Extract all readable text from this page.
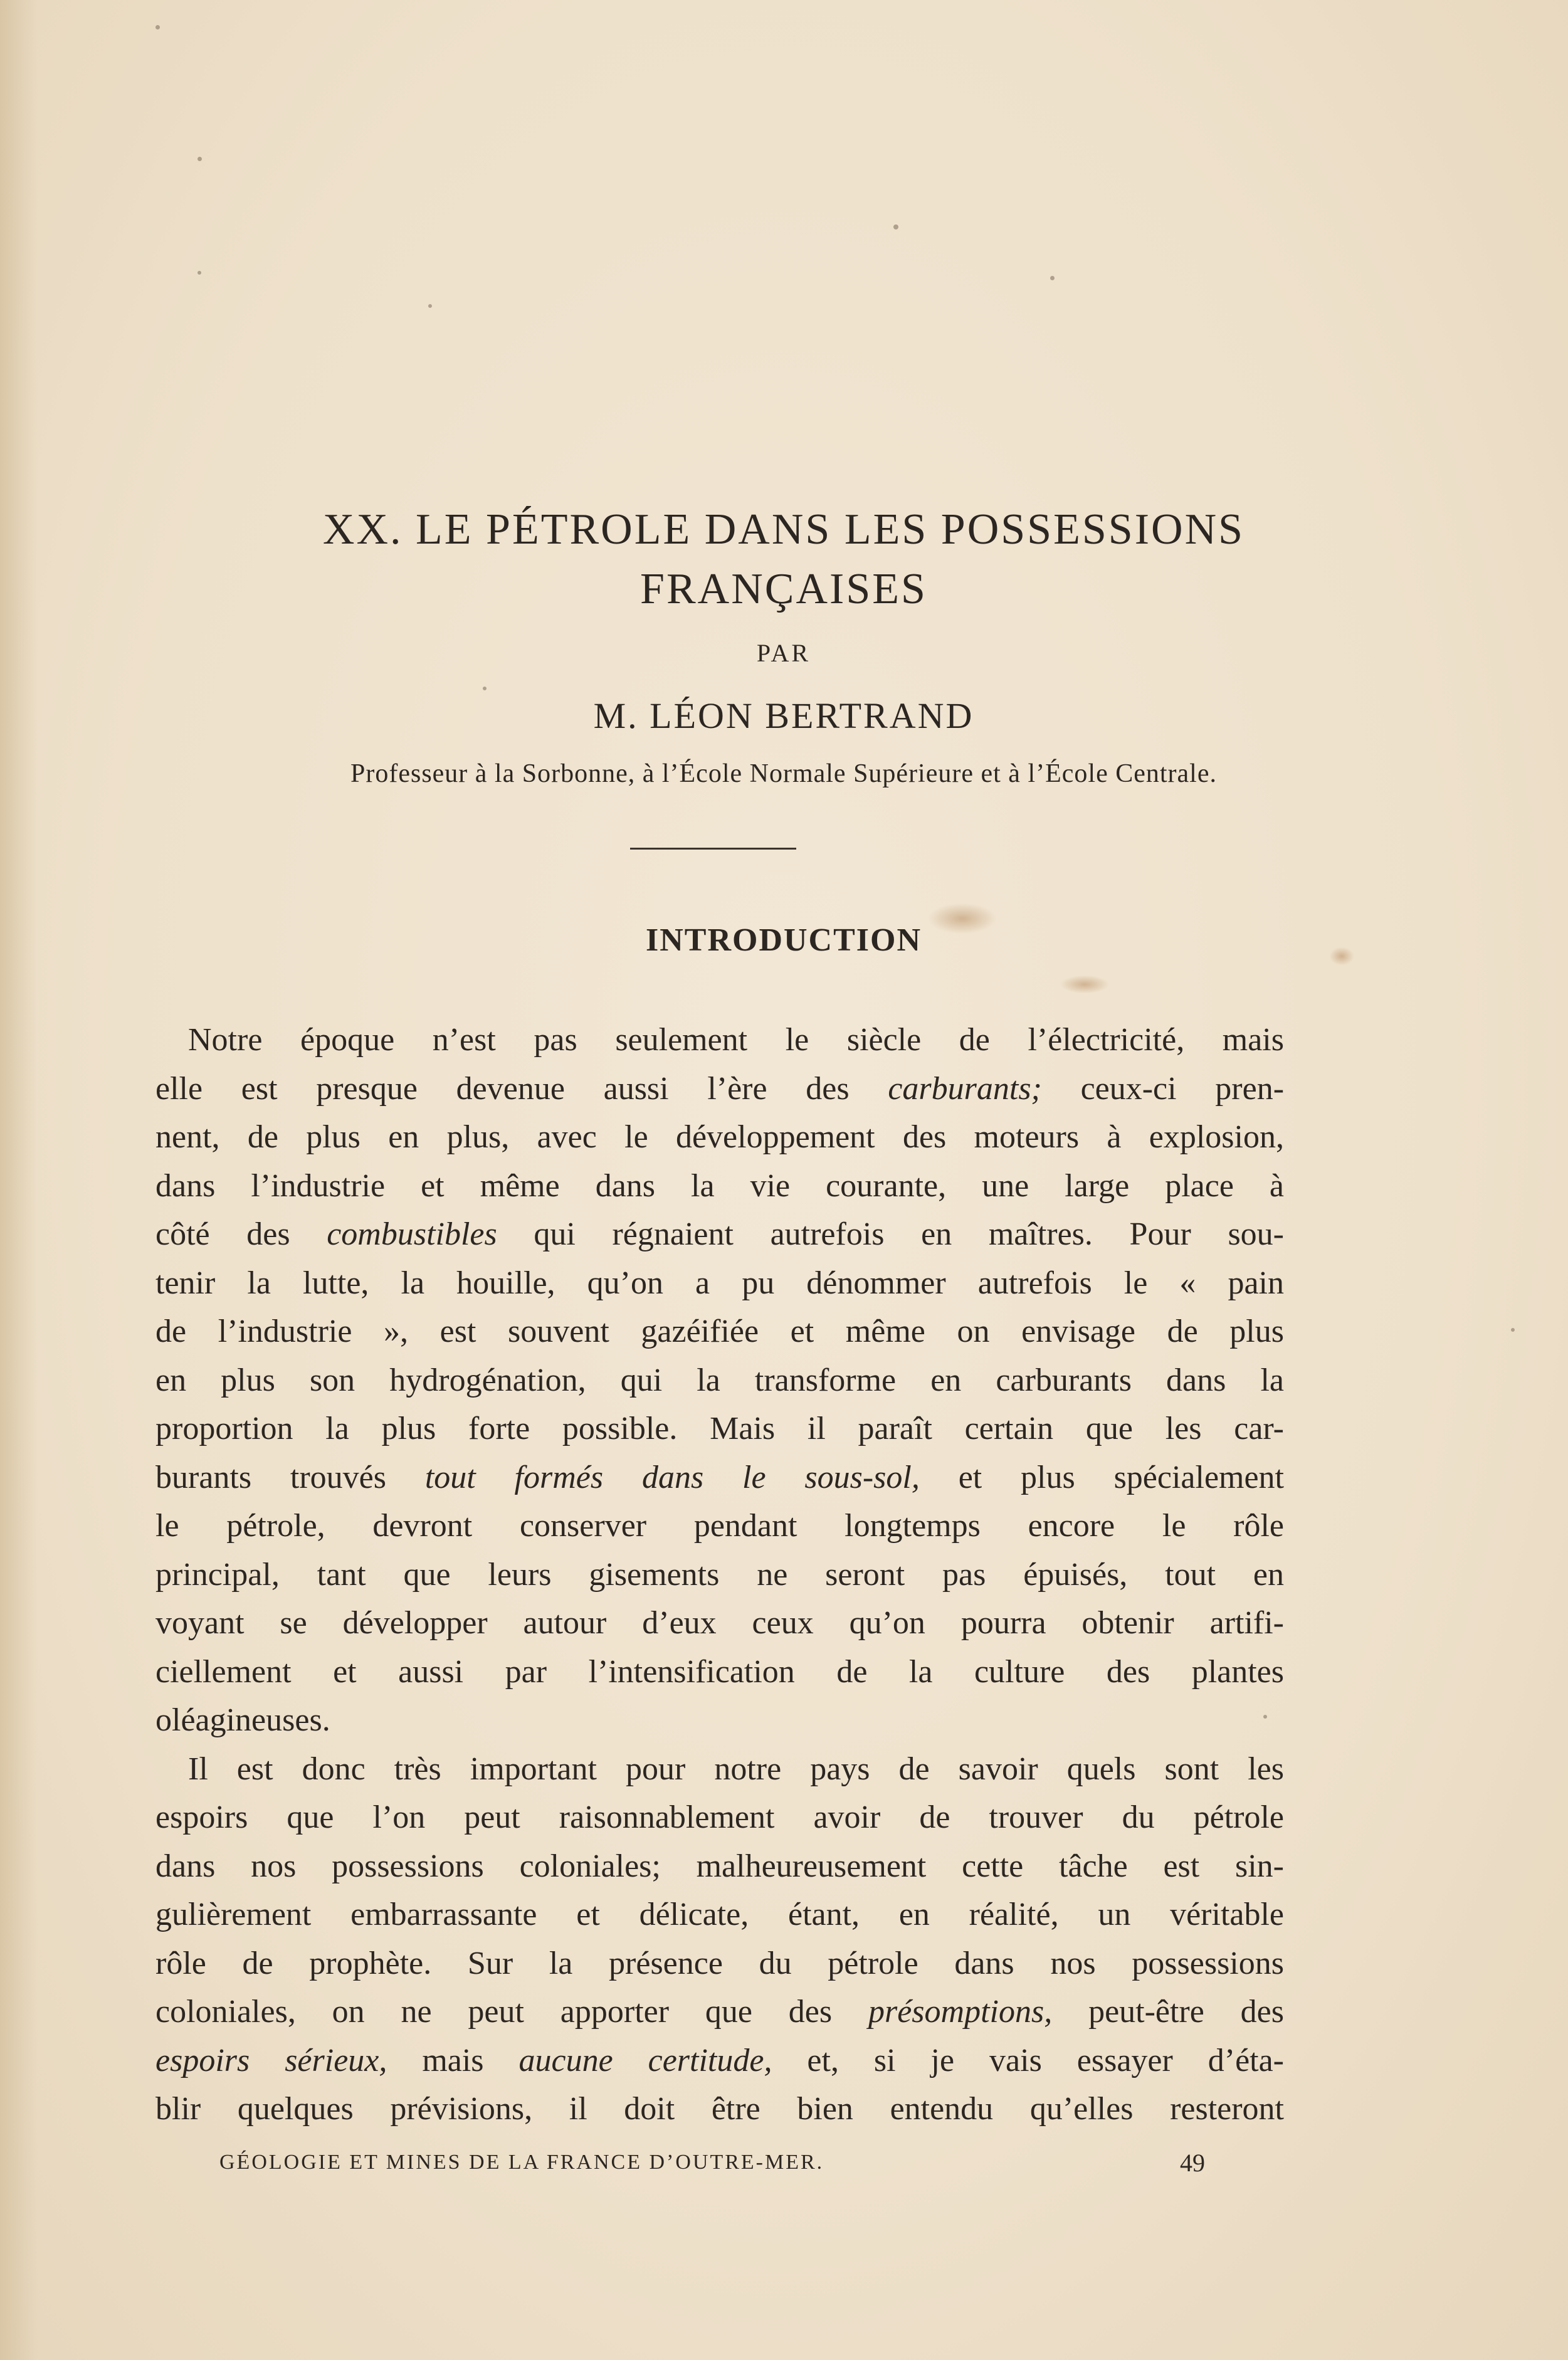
XX. LE PÉTROLE DANS LES POSSESSIONS
FRANÇAISES
PAR
M. LÉON BERTRAND
Professeur à la Sorbonne, à l’École Normale Supérieure et à l’École Centrale.
INTRODUCTION
Notre époque n’est pas seulement le siècle de l’électricité, mais
elle est presque devenue aussi l’ère des carburants; ceux-ci pren-
nent, de plus en plus, avec le développement des moteurs à explosion,
dans l’industrie et même dans la vie courante, une large place à
côté des combustibles qui régnaient autrefois en maîtres. Pour sou-
tenir la lutte, la houille, qu’on a pu dénommer autrefois le « pain
de l’industrie », est souvent gazéifiée et même on envisage de plus
en plus son hydrogénation, qui la transforme en carburants dans la
proportion la plus forte possible. Mais il paraît certain que les car-
burants trouvés tout formés dans le sous-sol, et plus spécialement
le pétrole, devront conserver pendant longtemps encore le rôle
principal, tant que leurs gisements ne seront pas épuisés, tout en
voyant se développer autour d’eux ceux qu’on pourra obtenir artifi-
ciellement et aussi par l’intensification de la culture des plantes
oléagineuses.
Il est donc très important pour notre pays de savoir quels sont les
espoirs que l’on peut raisonnablement avoir de trouver du pétrole
dans nos possessions coloniales; malheureusement cette tâche est sin-
gulièrement embarrassante et délicate, étant, en réalité, un véritable
rôle de prophète. Sur la présence du pétrole dans nos possessions
coloniales, on ne peut apporter que des présomptions, peut-être des
espoirs sérieux, mais aucune certitude, et, si je vais essayer d’éta-
blir quelques prévisions, il doit être bien entendu qu’elles resteront
GÉOLOGIE ET MINES DE LA FRANCE D’OUTRE-MER.	49
